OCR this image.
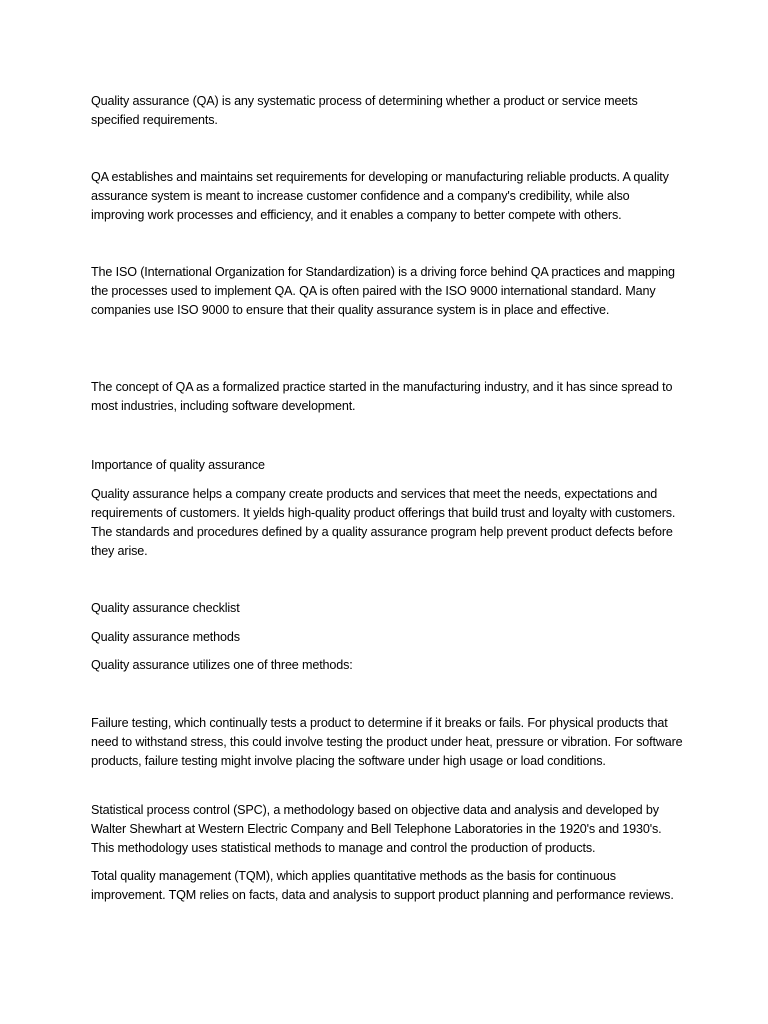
Quality assurance (QA) is any systematic process of determining whether a product or service meets specified requirements.

QA establishes and maintains set requirements for developing or manufacturing reliable products. A quality assurance system is meant to increase customer confidence and a company's credibility, while also improving work processes and efficiency, and it enables a company to better compete with others.

The ISO (International Organization for Standardization) is a driving force behind QA practices and mapping the processes used to implement QA. QA is often paired with the ISO 9000 international standard. Many companies use ISO 9000 to ensure that their quality assurance system is in place and effective.

The concept of QA as a formalized practice started in the manufacturing industry, and it has since spread to most industries, including software development.

Importance of quality assurance

Quality assurance helps a company create products and services that meet the needs, expectations and requirements of customers. It yields high-quality product offerings that build trust and loyalty with customers. The standards and procedures defined by a quality assurance program help prevent product defects before they arise.

Quality assurance checklist

Quality assurance methods

Quality assurance utilizes one of three methods:

Failure testing, which continually tests a product to determine if it breaks or fails. For physical products that need to withstand stress, this could involve testing the product under heat, pressure or vibration. For software products, failure testing might involve placing the software under high usage or load conditions.

Statistical process control (SPC), a methodology based on objective data and analysis and developed by Walter Shewhart at Western Electric Company and Bell Telephone Laboratories in the 1920's and 1930's. This methodology uses statistical methods to manage and control the production of products.

Total quality management (TQM), which applies quantitative methods as the basis for continuous improvement. TQM relies on facts, data and analysis to support product planning and performance reviews.
